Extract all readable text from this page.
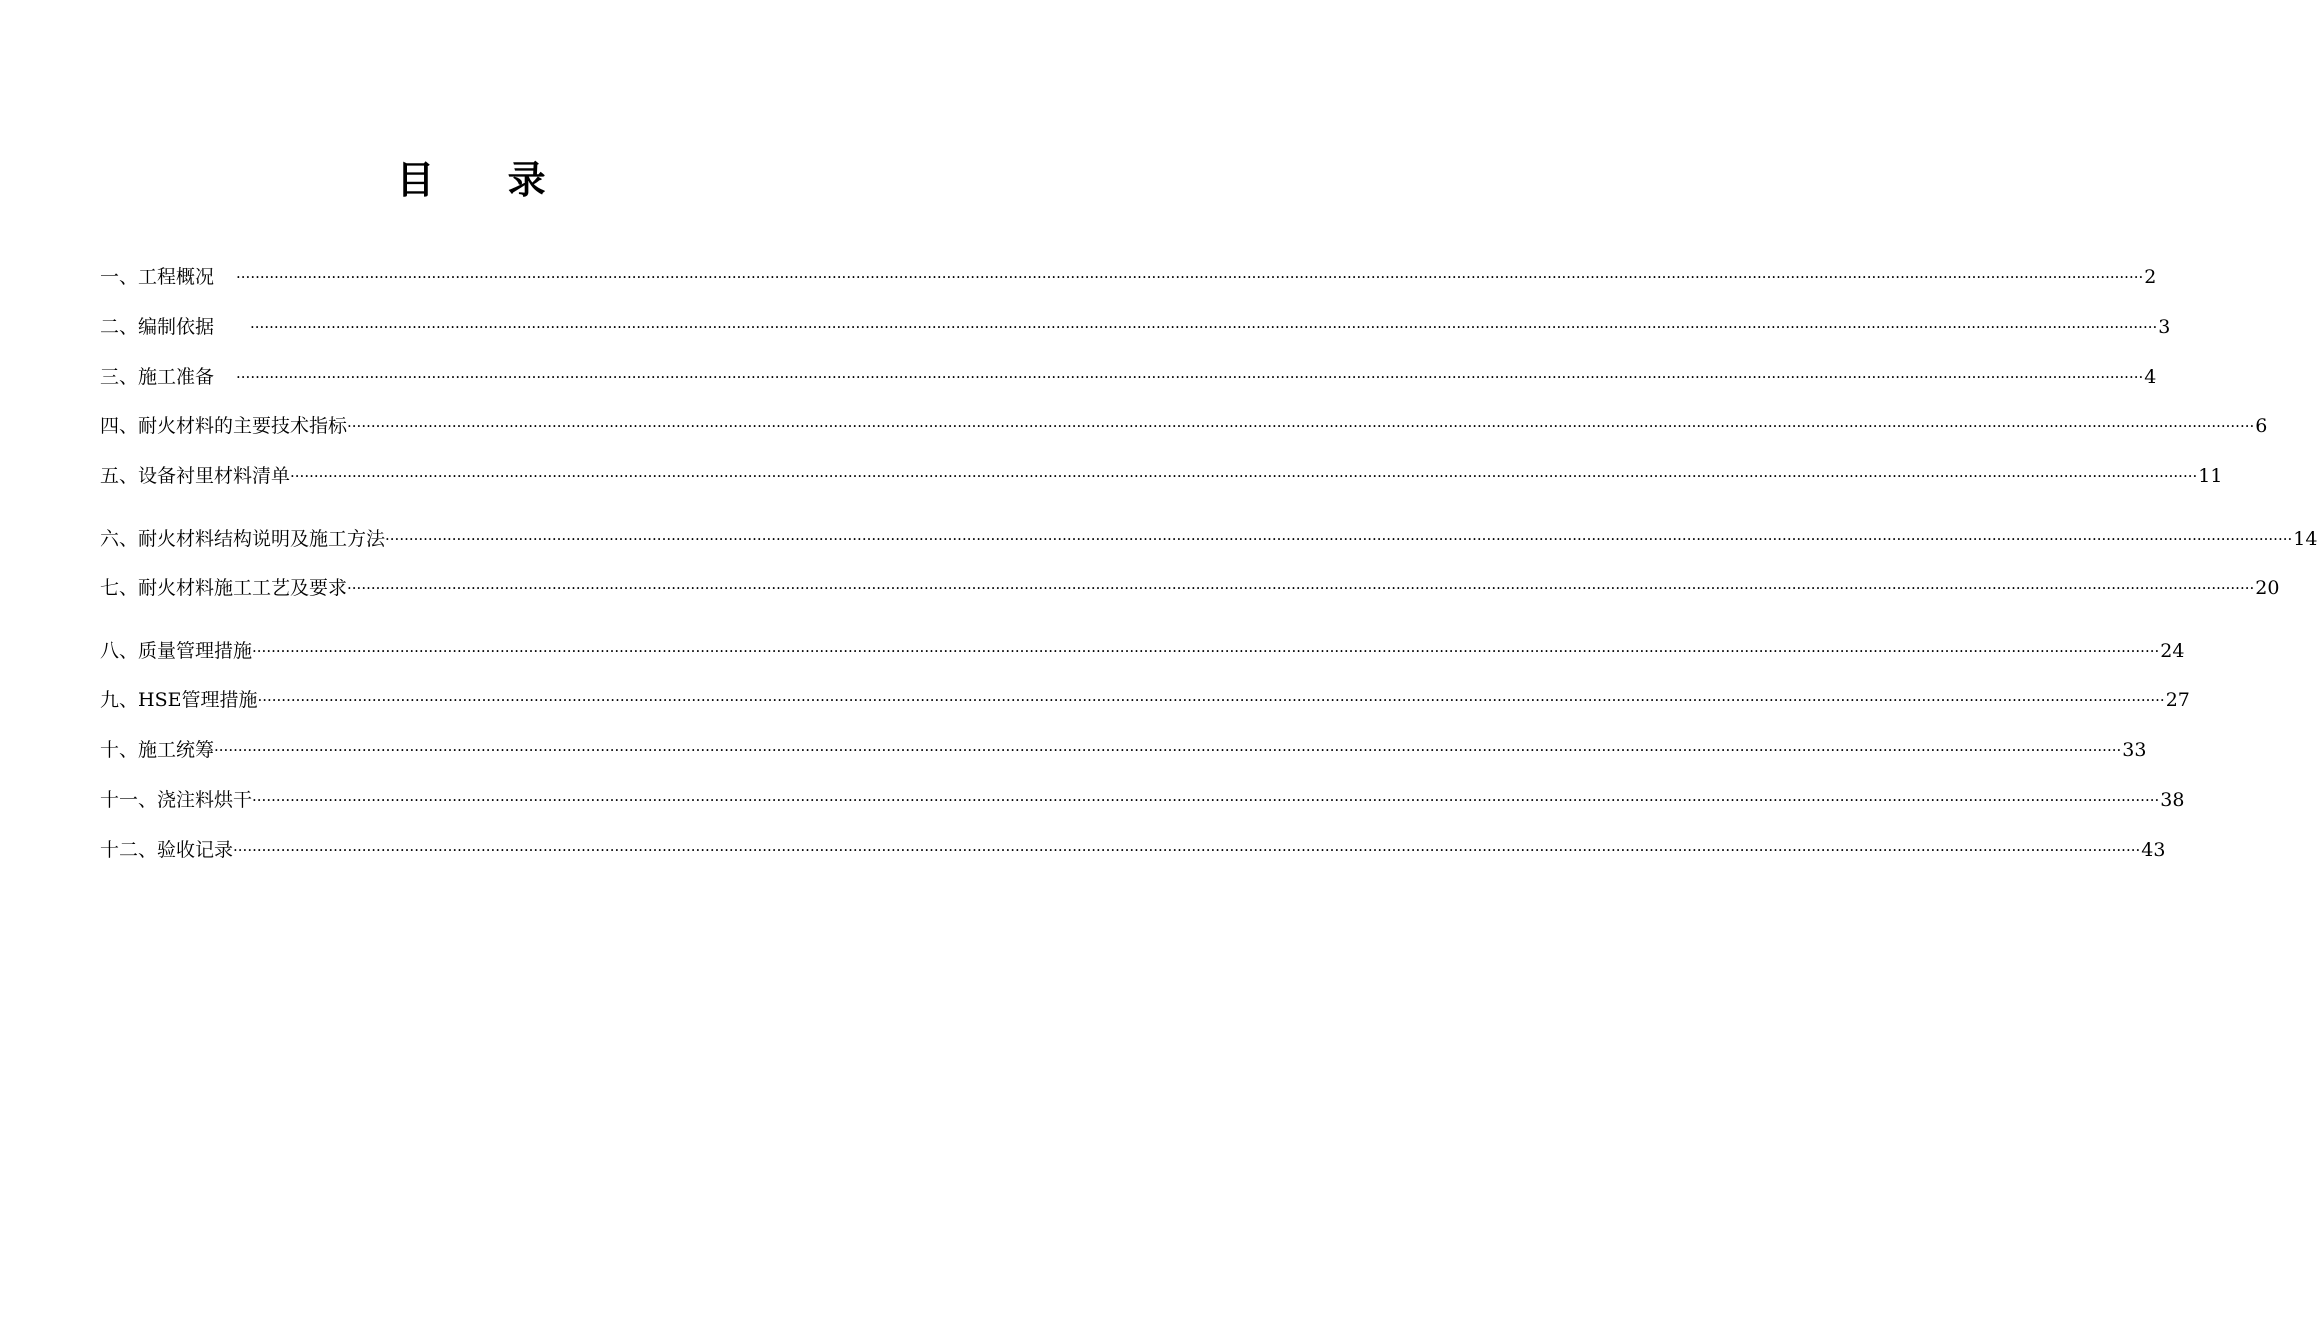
目 录
一、工程概况 ················································································································································································································································································································································································································ 2
二、编制依据 ················································································································································································································································································································································································································ 3
三、施工准备 ················································································································································································································································································································································································································ 4
四、耐火材料的主要技术指标 ················································································································································································································································································································································································································ 6
五、设备衬里材料清单 ················································································································································································································································································································································································································ 11
六、耐火材料结构说明及施工方法 ················································································································································································································································································································································································································ 14
七、耐火材料施工工艺及要求 ················································································································································································································································································································································································································ 20
八、质量管理措施 ················································································································································································································································································································································································································ 24
九、HSE管理措施 ················································································································································································································································································································································································································ 27
十、施工统筹 ················································································································································································································································································································································································································ 33
十一、浇注料烘干 ················································································································································································································································································································································································································ 38
十二、验收记录 ················································································································································································································································································································································································································ 43
